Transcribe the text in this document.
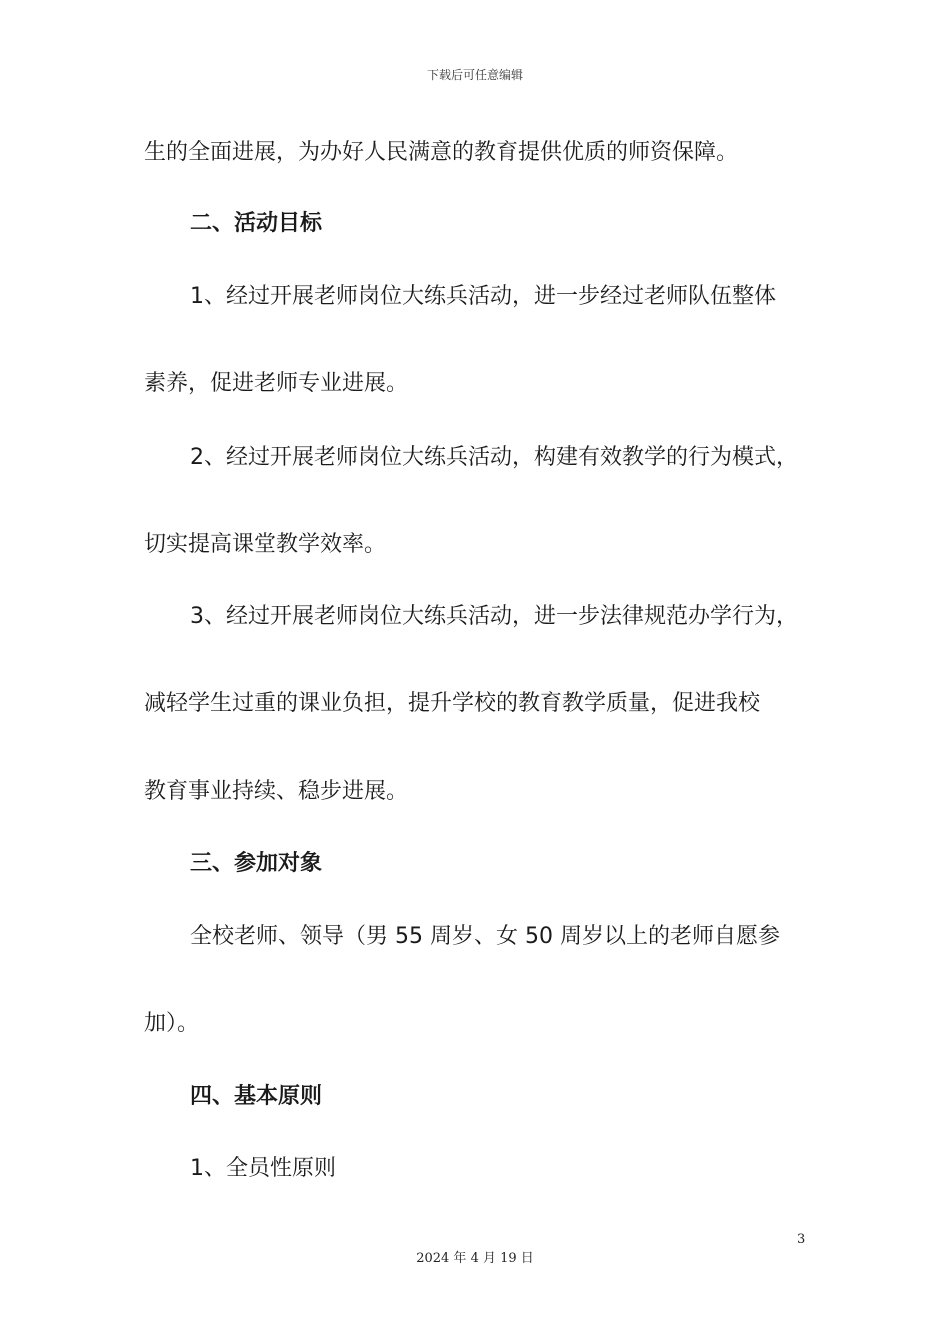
下载后可任意编辑
生的全面进展，为办好人民满意的教育提供优质的师资保障。
二、活动目标
1、经过开展老师岗位大练兵活动，进一步经过老师队伍整体
素养，促进老师专业进展。
2、经过开展老师岗位大练兵活动，构建有效教学的行为模式，
切实提高课堂教学效率。
3、经过开展老师岗位大练兵活动，进一步法律规范办学行为，
减轻学生过重的课业负担，提升学校的教育教学质量，促进我校
教育事业持续、稳步进展。
三、参加对象
全校老师、领导（男 55 周岁、女 50 周岁以上的老师自愿参
加）。
四、基本原则
1、全员性原则
3
2024 年 4 月 19 日
